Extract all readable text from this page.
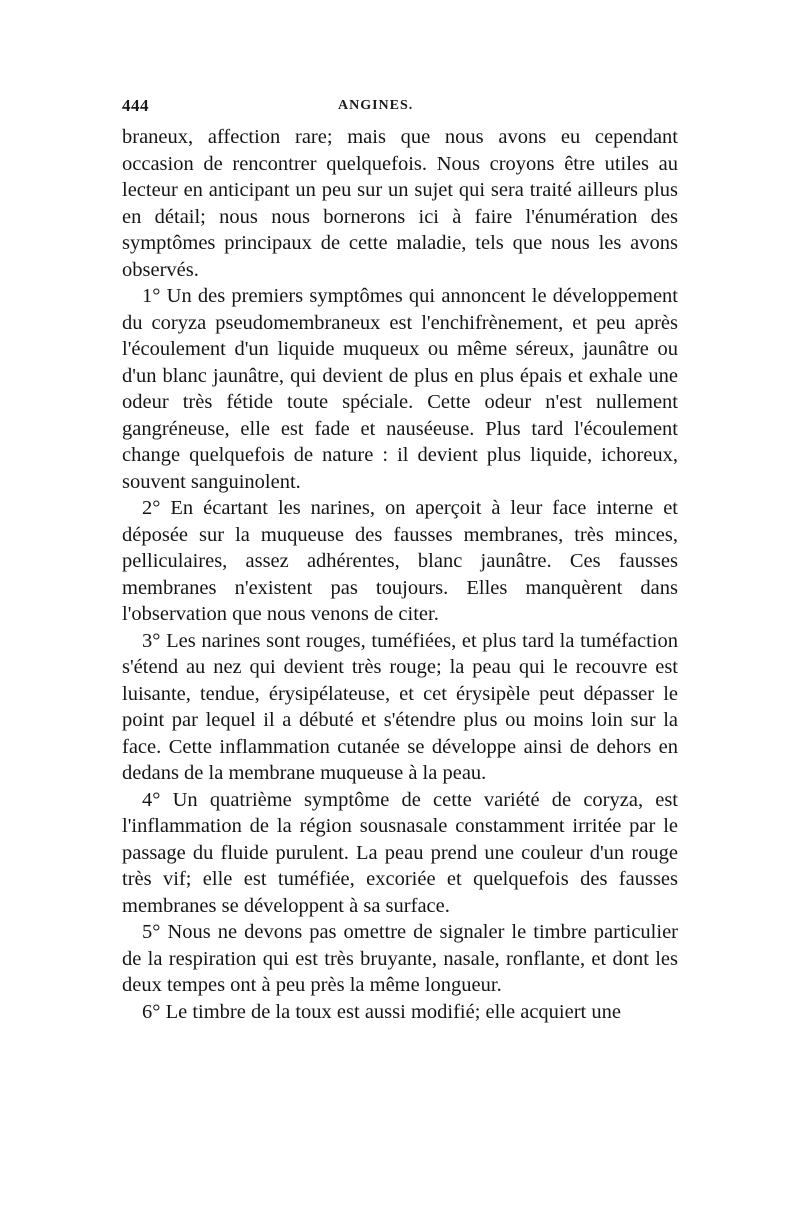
444	ANGINES.

braneux, affection rare; mais que nous avons eu cependant occasion de rencontrer quelquefois. Nous croyons être utiles au lecteur en anticipant un peu sur un sujet qui sera traité ailleurs plus en détail; nous nous bornerons ici à faire l'énumération des symptômes principaux de cette maladie, tels que nous les avons observés.

1° Un des premiers symptômes qui annoncent le développement du coryza pseudomembraneux est l'enchifrènement, et peu après l'écoulement d'un liquide muqueux ou même séreux, jaunâtre ou d'un blanc jaunâtre, qui devient de plus en plus épais et exhale une odeur très fétide toute spéciale. Cette odeur n'est nullement gangréneuse, elle est fade et nauséeuse. Plus tard l'écoulement change quelquefois de nature : il devient plus liquide, ichoreux, souvent sanguinolent.

2° En écartant les narines, on aperçoit à leur face interne et déposée sur la muqueuse des fausses membranes, très minces, pelliculaires, assez adhérentes, blanc jaunâtre. Ces fausses membranes n'existent pas toujours. Elles manquèrent dans l'observation que nous venons de citer.

3° Les narines sont rouges, tuméfiées, et plus tard la tuméfaction s'étend au nez qui devient très rouge; la peau qui le recouvre est luisante, tendue, érysipélateuse, et cet érysipèle peut dépasser le point par lequel il a débuté et s'étendre plus ou moins loin sur la face. Cette inflammation cutanée se développe ainsi de dehors en dedans de la membrane muqueuse à la peau.

4° Un quatrième symptôme de cette variété de coryza, est l'inflammation de la région sousnasale constamment irritée par le passage du fluide purulent. La peau prend une couleur d'un rouge très vif; elle est tuméfiée, excoriée et quelquefois des fausses membranes se développent à sa surface.

5° Nous ne devons pas omettre de signaler le timbre particulier de la respiration qui est très bruyante, nasale, ronflante, et dont les deux tempes ont à peu près la même longueur.

6° Le timbre de la toux est aussi modifié; elle acquiert une
